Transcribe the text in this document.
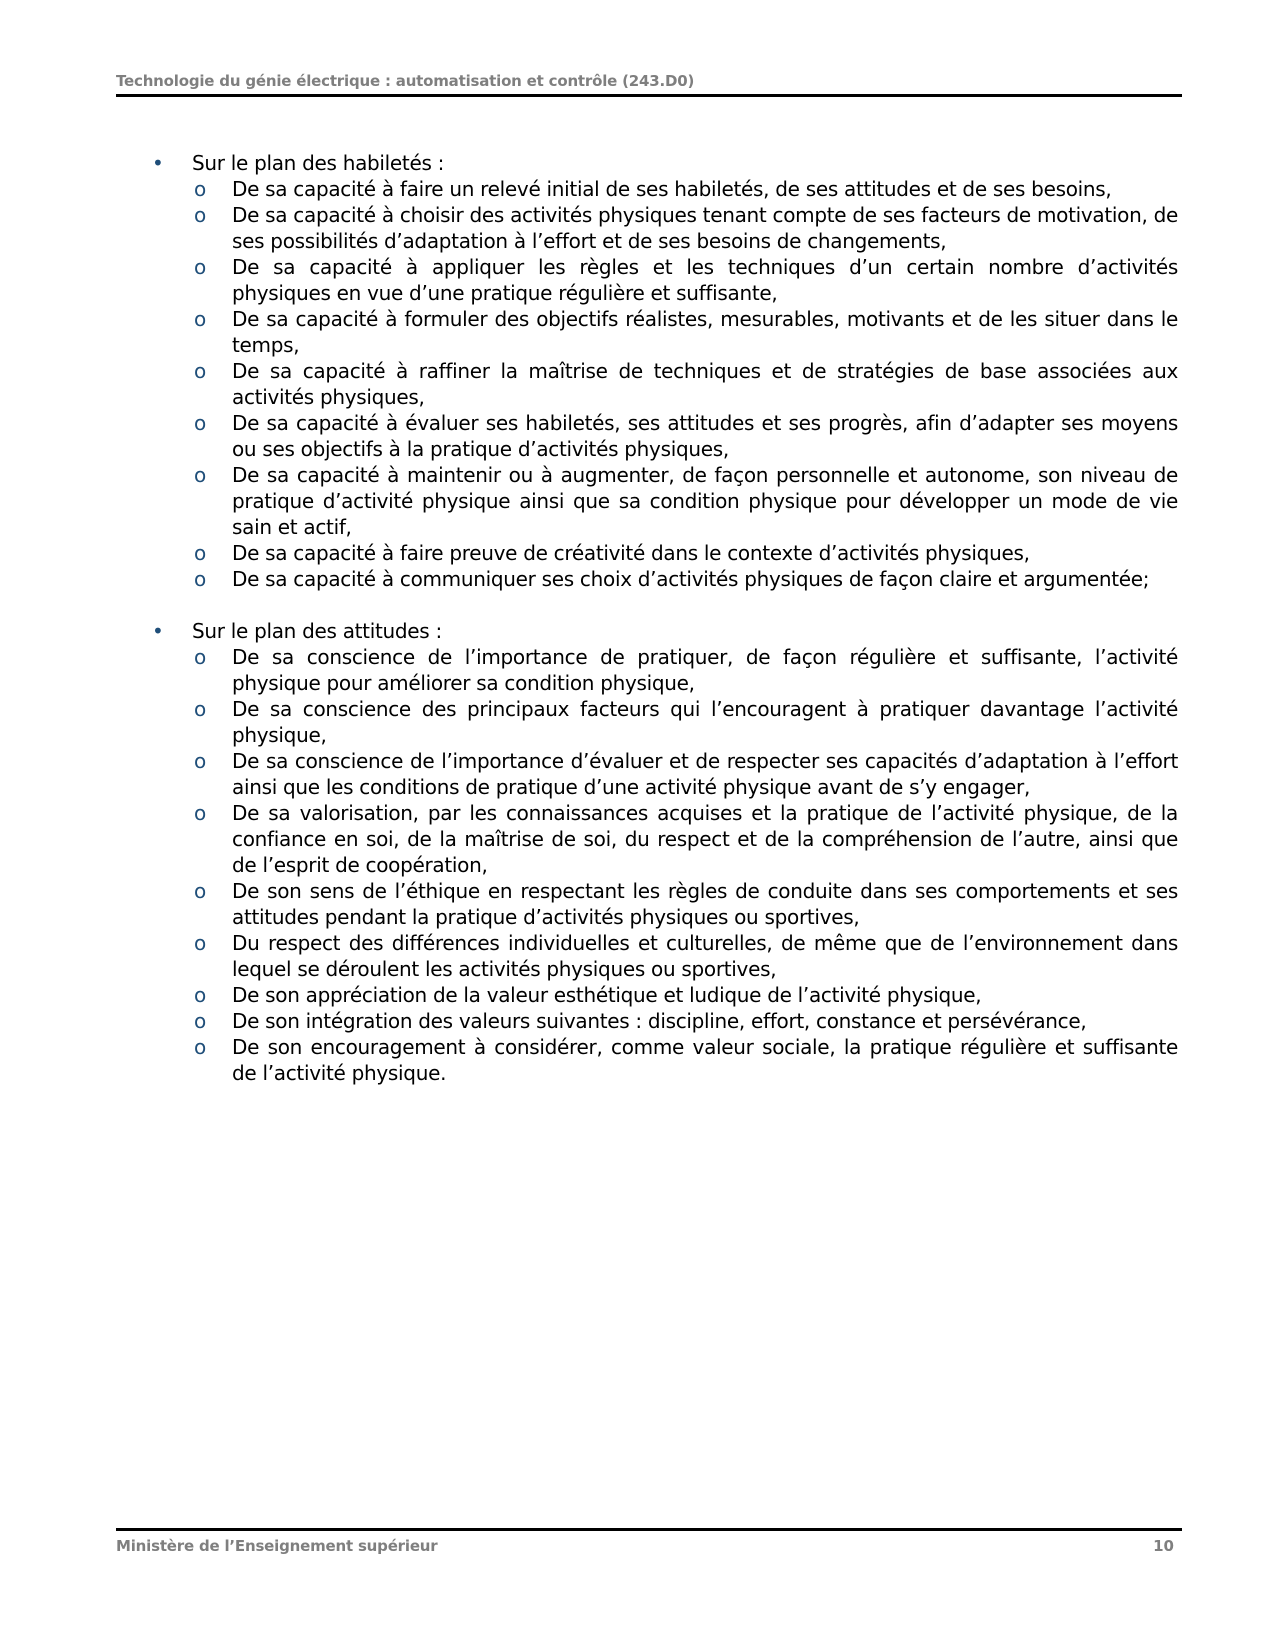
Technologie du génie électrique : automatisation et contrôle (243.D0)
•	Sur le plan des habiletés :
o	De sa capacité à faire un relevé initial de ses habiletés, de ses attitudes et de ses besoins,
o	De sa capacité à choisir des activités physiques tenant compte de ses facteurs de motivation, de ses possibilités d’adaptation à l’effort et de ses besoins de changements,
o	De sa capacité à appliquer les règles et les techniques d’un certain nombre d’activités physiques en vue d’une pratique régulière et suffisante,
o	De sa capacité à formuler des objectifs réalistes, mesurables, motivants et de les situer dans le temps,
o	De sa capacité à raffiner la maîtrise de techniques et de stratégies de base associées aux activités physiques,
o	De sa capacité à évaluer ses habiletés, ses attitudes et ses progrès, afin d’adapter ses moyens ou ses objectifs à la pratique d’activités physiques,
o	De sa capacité à maintenir ou à augmenter, de façon personnelle et autonome, son niveau de pratique d’activité physique ainsi que sa condition physique pour développer un mode de vie sain et actif,
o	De sa capacité à faire preuve de créativité dans le contexte d’activités physiques,
o	De sa capacité à communiquer ses choix d’activités physiques de façon claire et argumentée;
•	Sur le plan des attitudes :
o	De sa conscience de l’importance de pratiquer, de façon régulière et suffisante, l’activité physique pour améliorer sa condition physique,
o	De sa conscience des principaux facteurs qui l’encouragent à pratiquer davantage l’activité physique,
o	De sa conscience de l’importance d’évaluer et de respecter ses capacités d’adaptation à l’effort ainsi que les conditions de pratique d’une activité physique avant de s’y engager,
o	De sa valorisation, par les connaissances acquises et la pratique de l’activité physique, de la confiance en soi, de la maîtrise de soi, du respect et de la compréhension de l’autre, ainsi que de l’esprit de coopération,
o	De son sens de l’éthique en respectant les règles de conduite dans ses comportements et ses attitudes pendant la pratique d’activités physiques ou sportives,
o	Du respect des différences individuelles et culturelles, de même que de l’environnement dans lequel se déroulent les activités physiques ou sportives,
o	De son appréciation de la valeur esthétique et ludique de l’activité physique,
o	De son intégration des valeurs suivantes : discipline, effort, constance et persévérance,
o	De son encouragement à considérer, comme valeur sociale, la pratique régulière et suffisante de l’activité physique.
Ministère de l’Enseignement supérieur	10
